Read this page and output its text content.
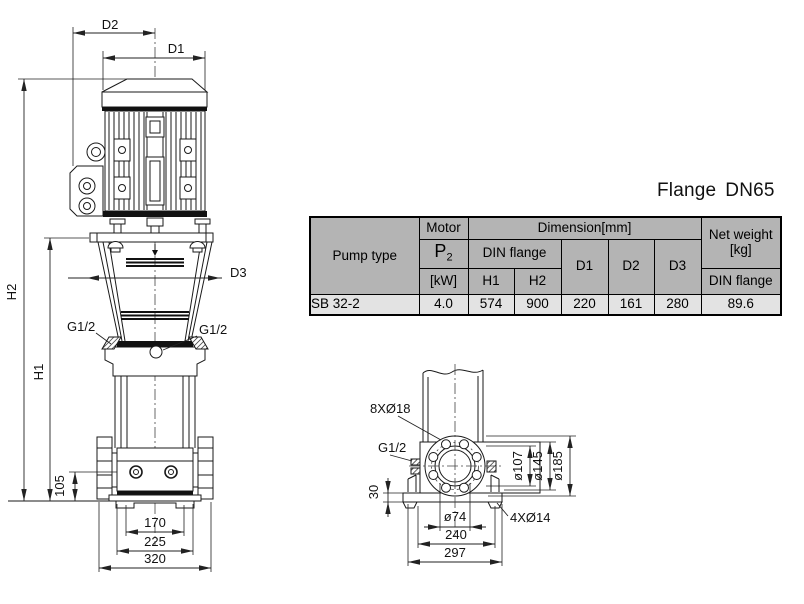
D2
D1
H2
H1
105
D3
G1/2	G1/2
170
225
320
8XØ18
G1/2
30
ø74
240
297
4XØ14
ø107 ø145 ø185
Flange DN65
Pump type	Motor	Dimension[mm]					Net weight
[kg]

	$P_2$	DIN flange		D1	D2	D3	
	[kW]	H1	H2				DIN flange
SB 32-2	4.0	574	900	220	161	280	89.6
